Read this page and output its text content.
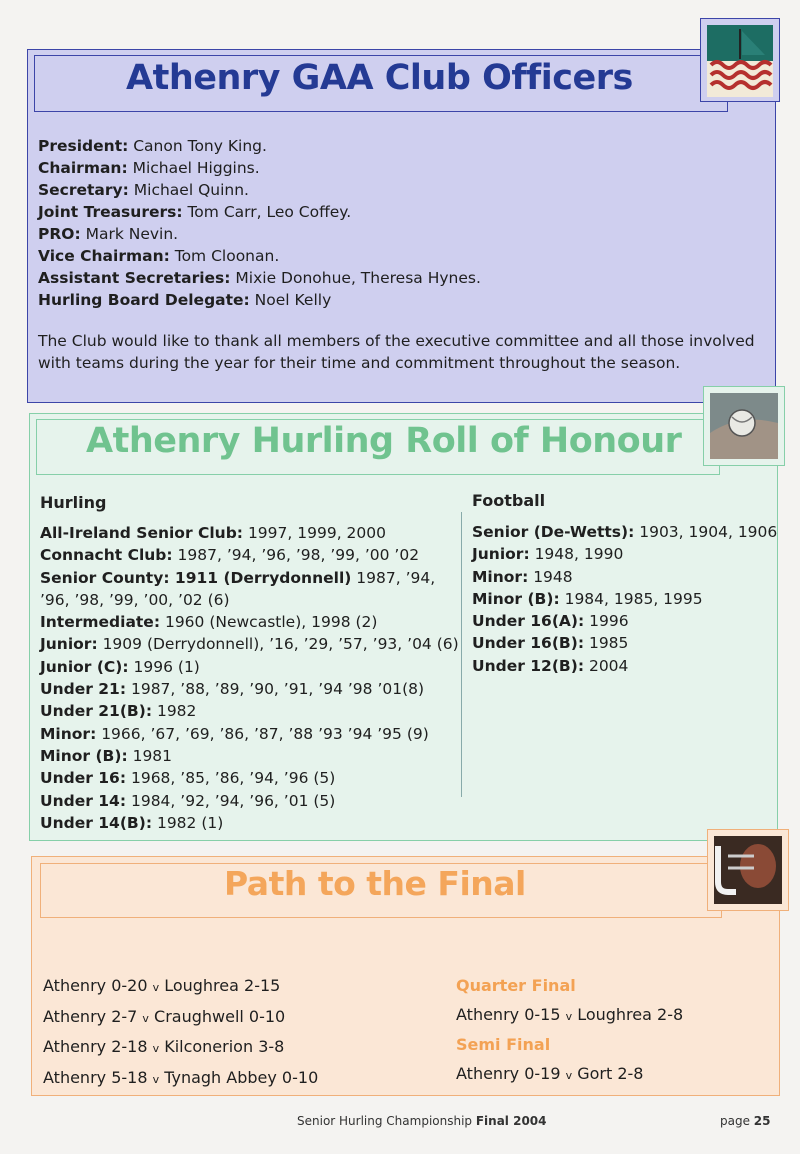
Athenry GAA Club Officers
President: Canon Tony King.
Chairman: Michael Higgins.
Secretary: Michael Quinn.
Joint Treasurers: Tom Carr, Leo Coffey.
PRO: Mark Nevin.
Vice Chairman: Tom Cloonan.
Assistant Secretaries: Mixie Donohue, Theresa Hynes.
Hurling Board Delegate: Noel Kelly
The Club would like to thank all members of the executive committee and all those involved with teams during the year for their time and commitment throughout the season.
Athenry Hurling Roll of Honour
Hurling
All-Ireland Senior Club: 1997, 1999, 2000
Connacht Club: 1987, ’94, ’96, ’98, ’99, ’00 ’02
Senior County: 1911 (Derrydonnell) 1987, ’94,
’96, ’98, ’99, ’00, ’02 (6)
Intermediate: 1960 (Newcastle), 1998 (2)
Junior: 1909 (Derrydonnell), ’16, ’29, ’57, ’93, ’04 (6)
Junior (C): 1996 (1)
Under 21: 1987, ’88, ’89, ’90, ’91, ’94 ’98 ’01(8)
Under 21(B): 1982
Minor: 1966, ’67, ’69, ’86, ’87, ’88 ’93 ’94 ’95 (9)
Minor (B): 1981
Under 16: 1968, ’85, ’86, ’94, ’96 (5)
Under 14: 1984, ’92, ’94, ’96, ’01 (5)
Under 14(B): 1982 (1)
Football
Senior (De-Wetts): 1903, 1904, 1906
Junior: 1948, 1990
Minor: 1948
Minor (B): 1984, 1985, 1995
Under 16(A): 1996
Under 16(B): 1985
Under 12(B): 2004
Path to the Final
Athenry 0-20 v Loughrea 2-15
Athenry 2-7 v Craughwell 0-10
Athenry 2-18 v Kilconerion 3-8
Athenry 5-18 v Tynagh Abbey 0-10
Quarter Final
Athenry 0-15 v Loughrea 2-8
Semi Final
Athenry 0-19 v Gort 2-8
Senior Hurling Championship Final 2004	page 25
